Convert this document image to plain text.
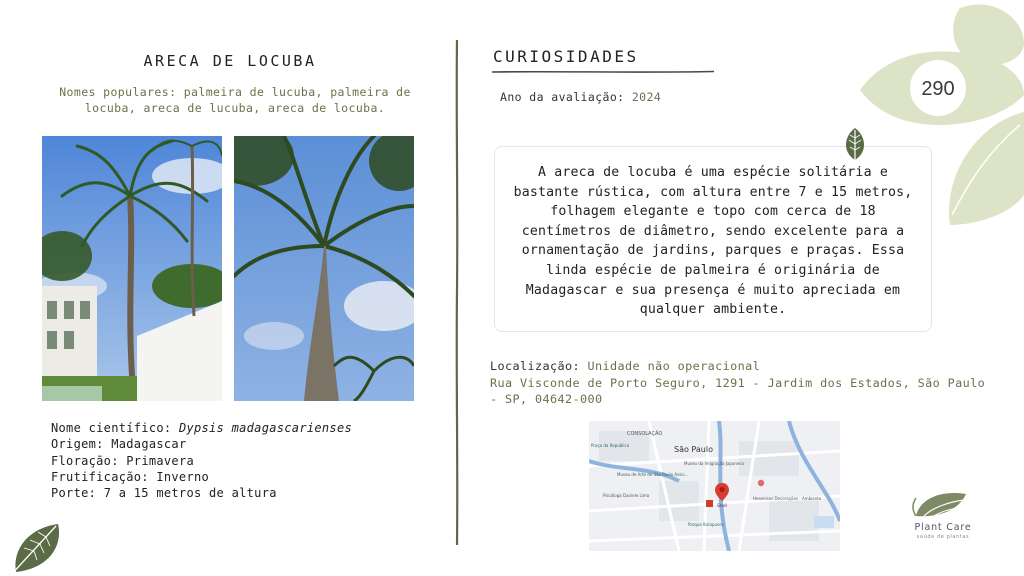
ARECA DE LOCUBA
Nomes populares: palmeira de lucuba, palmeira de locuba, areca de lucuba, areca de locuba.
Nome científico: Dypsis madagascarienses
Origem: Madagascar
Floração: Primavera
Frutificação: Inverno
Porte: 7 a 15 metros de altura
CURIOSIDADES
Ano da avaliação: 2024
A areca de locuba é uma espécie solitária e bastante rústica, com altura entre 7 e 15 metros, folhagem elegante e topo com cerca de 18 centímetros de diâmetro, sendo excelente para a ornamentação de jardins, parques e praças. Essa linda espécie de palmeira é originária de Madagascar e sua presença é muito apreciada em qualquer ambiente.
Localização: Unidade não operacional
Rua Visconde de Porto Seguro, 1291 - Jardim dos Estados, São Paulo - SP, 04642-000
CONSOLAÇÃO
São Paulo
Praça da República
Museu de Arte de São Paulo Assis...
Museu da Imigração Japonesa
Psicóloga Daniele Lima
Shell
Hesenisos Decorações - Ambiente
Parque Ibirapuera
290
Plant Care
saúde de plantas
